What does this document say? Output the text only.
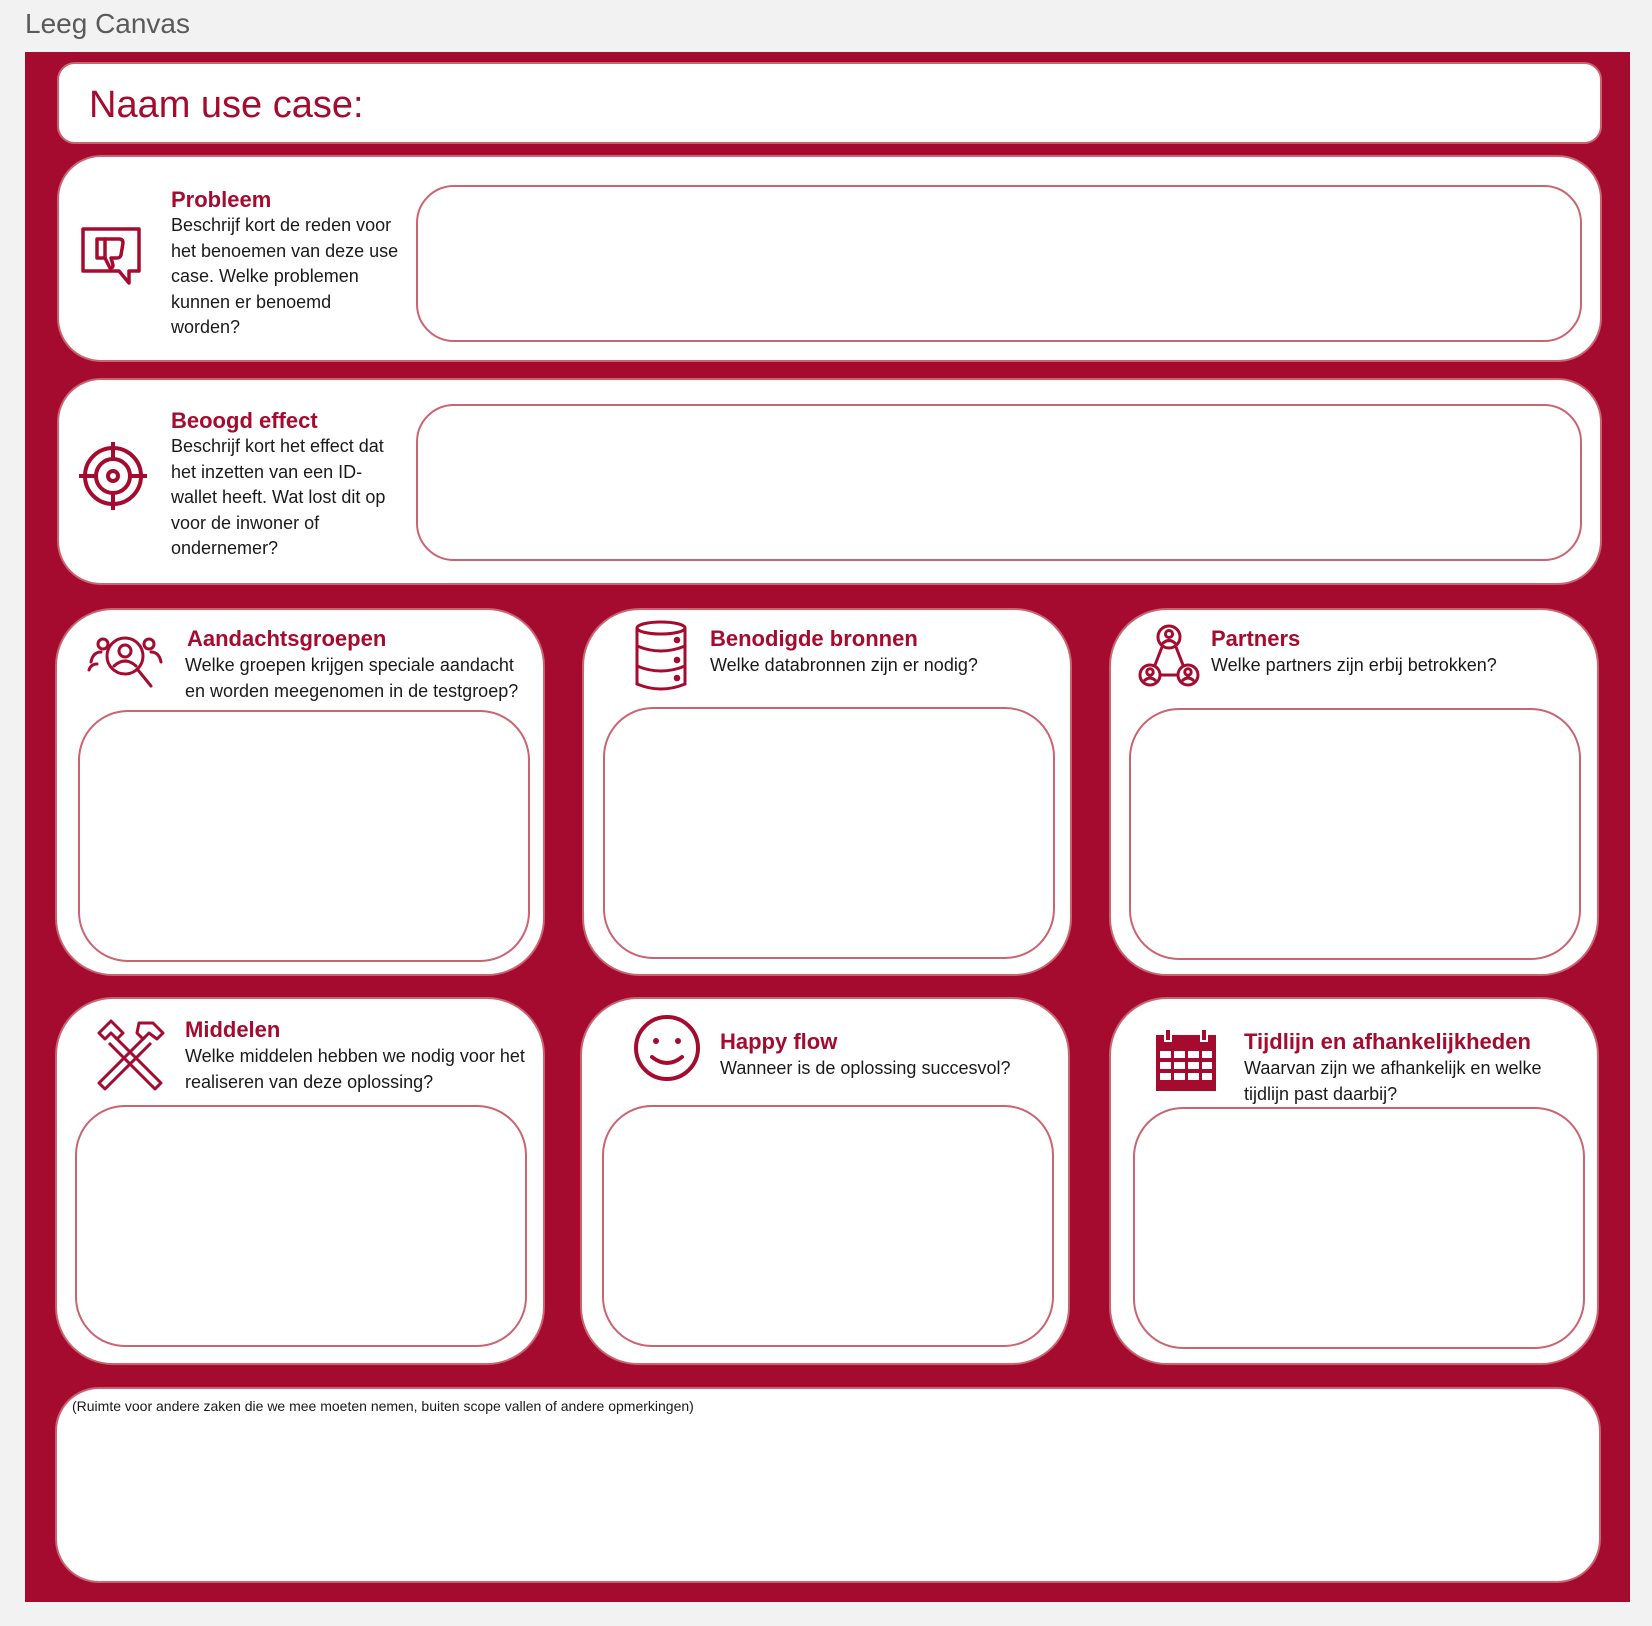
Leeg Canvas
Naam use case:
Probleem
Beschrijf kort de reden voor het benoemen van deze use case. Welke problemen kunnen er benoemd worden?
Beoogd effect
Beschrijf kort het effect dat het inzetten van een ID-wallet heeft. Wat lost dit op voor de inwoner of ondernemer?
Aandachtsgroepen
Welke groepen krijgen speciale aandacht en worden meegenomen in de testgroep?
Benodigde bronnen
Welke databronnen zijn er nodig?
Partners
Welke partners zijn erbij betrokken?
Middelen
Welke middelen hebben we nodig voor het realiseren van deze oplossing?
Happy flow
Wanneer is de oplossing succesvol?
Tijdlijn en afhankelijkheden
Waarvan zijn we afhankelijk en welke tijdlijn past daarbij?
(Ruimte voor andere zaken die we mee moeten nemen, buiten scope vallen of andere opmerkingen)
